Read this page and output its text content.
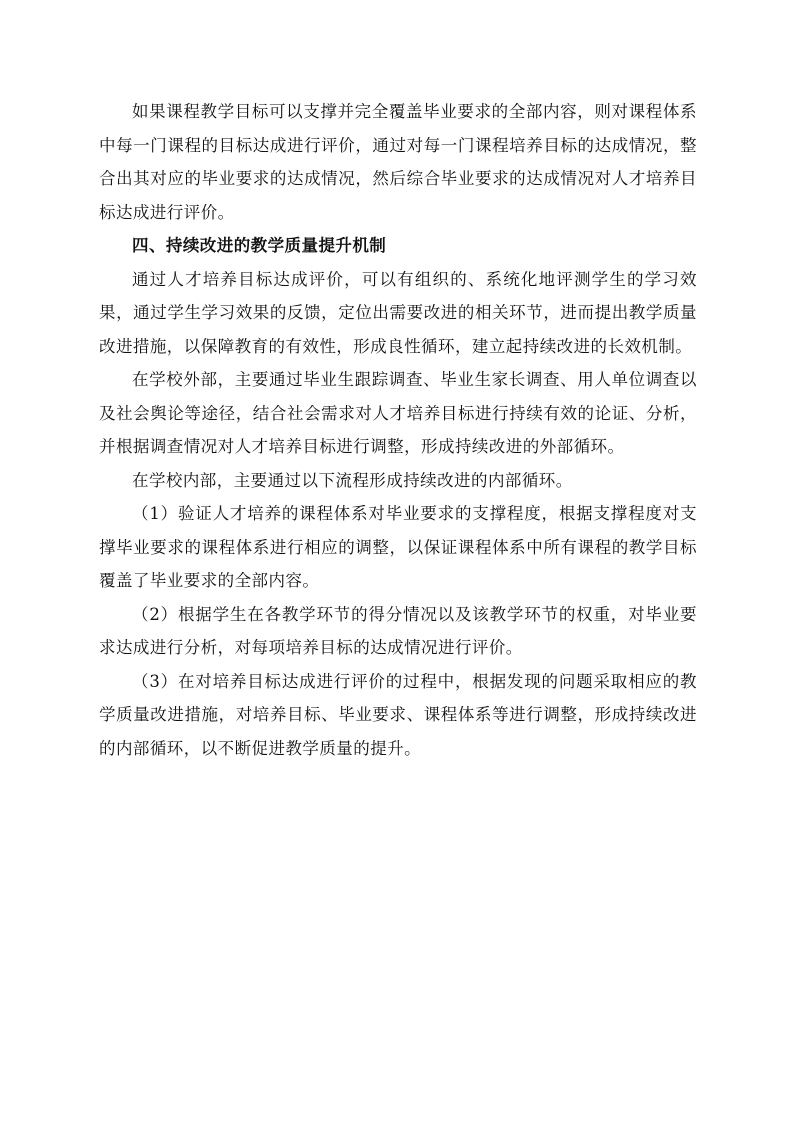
如果课程教学目标可以支撑并完全覆盖毕业要求的全部内容，则对课程体系中每一门课程的目标达成进行评价，通过对每一门课程培养目标的达成情况，整合出其对应的毕业要求的达成情况，然后综合毕业要求的达成情况对人才培养目标达成进行评价。

四、持续改进的教学质量提升机制

通过人才培养目标达成评价，可以有组织的、系统化地评测学生的学习效果，通过学生学习效果的反馈，定位出需要改进的相关环节，进而提出教学质量改进措施，以保障教育的有效性，形成良性循环，建立起持续改进的长效机制。

在学校外部，主要通过毕业生跟踪调查、毕业生家长调查、用人单位调查以及社会舆论等途径，结合社会需求对人才培养目标进行持续有效的论证、分析，并根据调查情况对人才培养目标进行调整，形成持续改进的外部循环。

在学校内部，主要通过以下流程形成持续改进的内部循环。

（1）验证人才培养的课程体系对毕业要求的支撑程度，根据支撑程度对支撑毕业要求的课程体系进行相应的调整，以保证课程体系中所有课程的教学目标覆盖了毕业要求的全部内容。

（2）根据学生在各教学环节的得分情况以及该教学环节的权重，对毕业要求达成进行分析，对每项培养目标的达成情况进行评价。

（3）在对培养目标达成进行评价的过程中，根据发现的问题采取相应的教学质量改进措施，对培养目标、毕业要求、课程体系等进行调整，形成持续改进的内部循环，以不断促进教学质量的提升。
